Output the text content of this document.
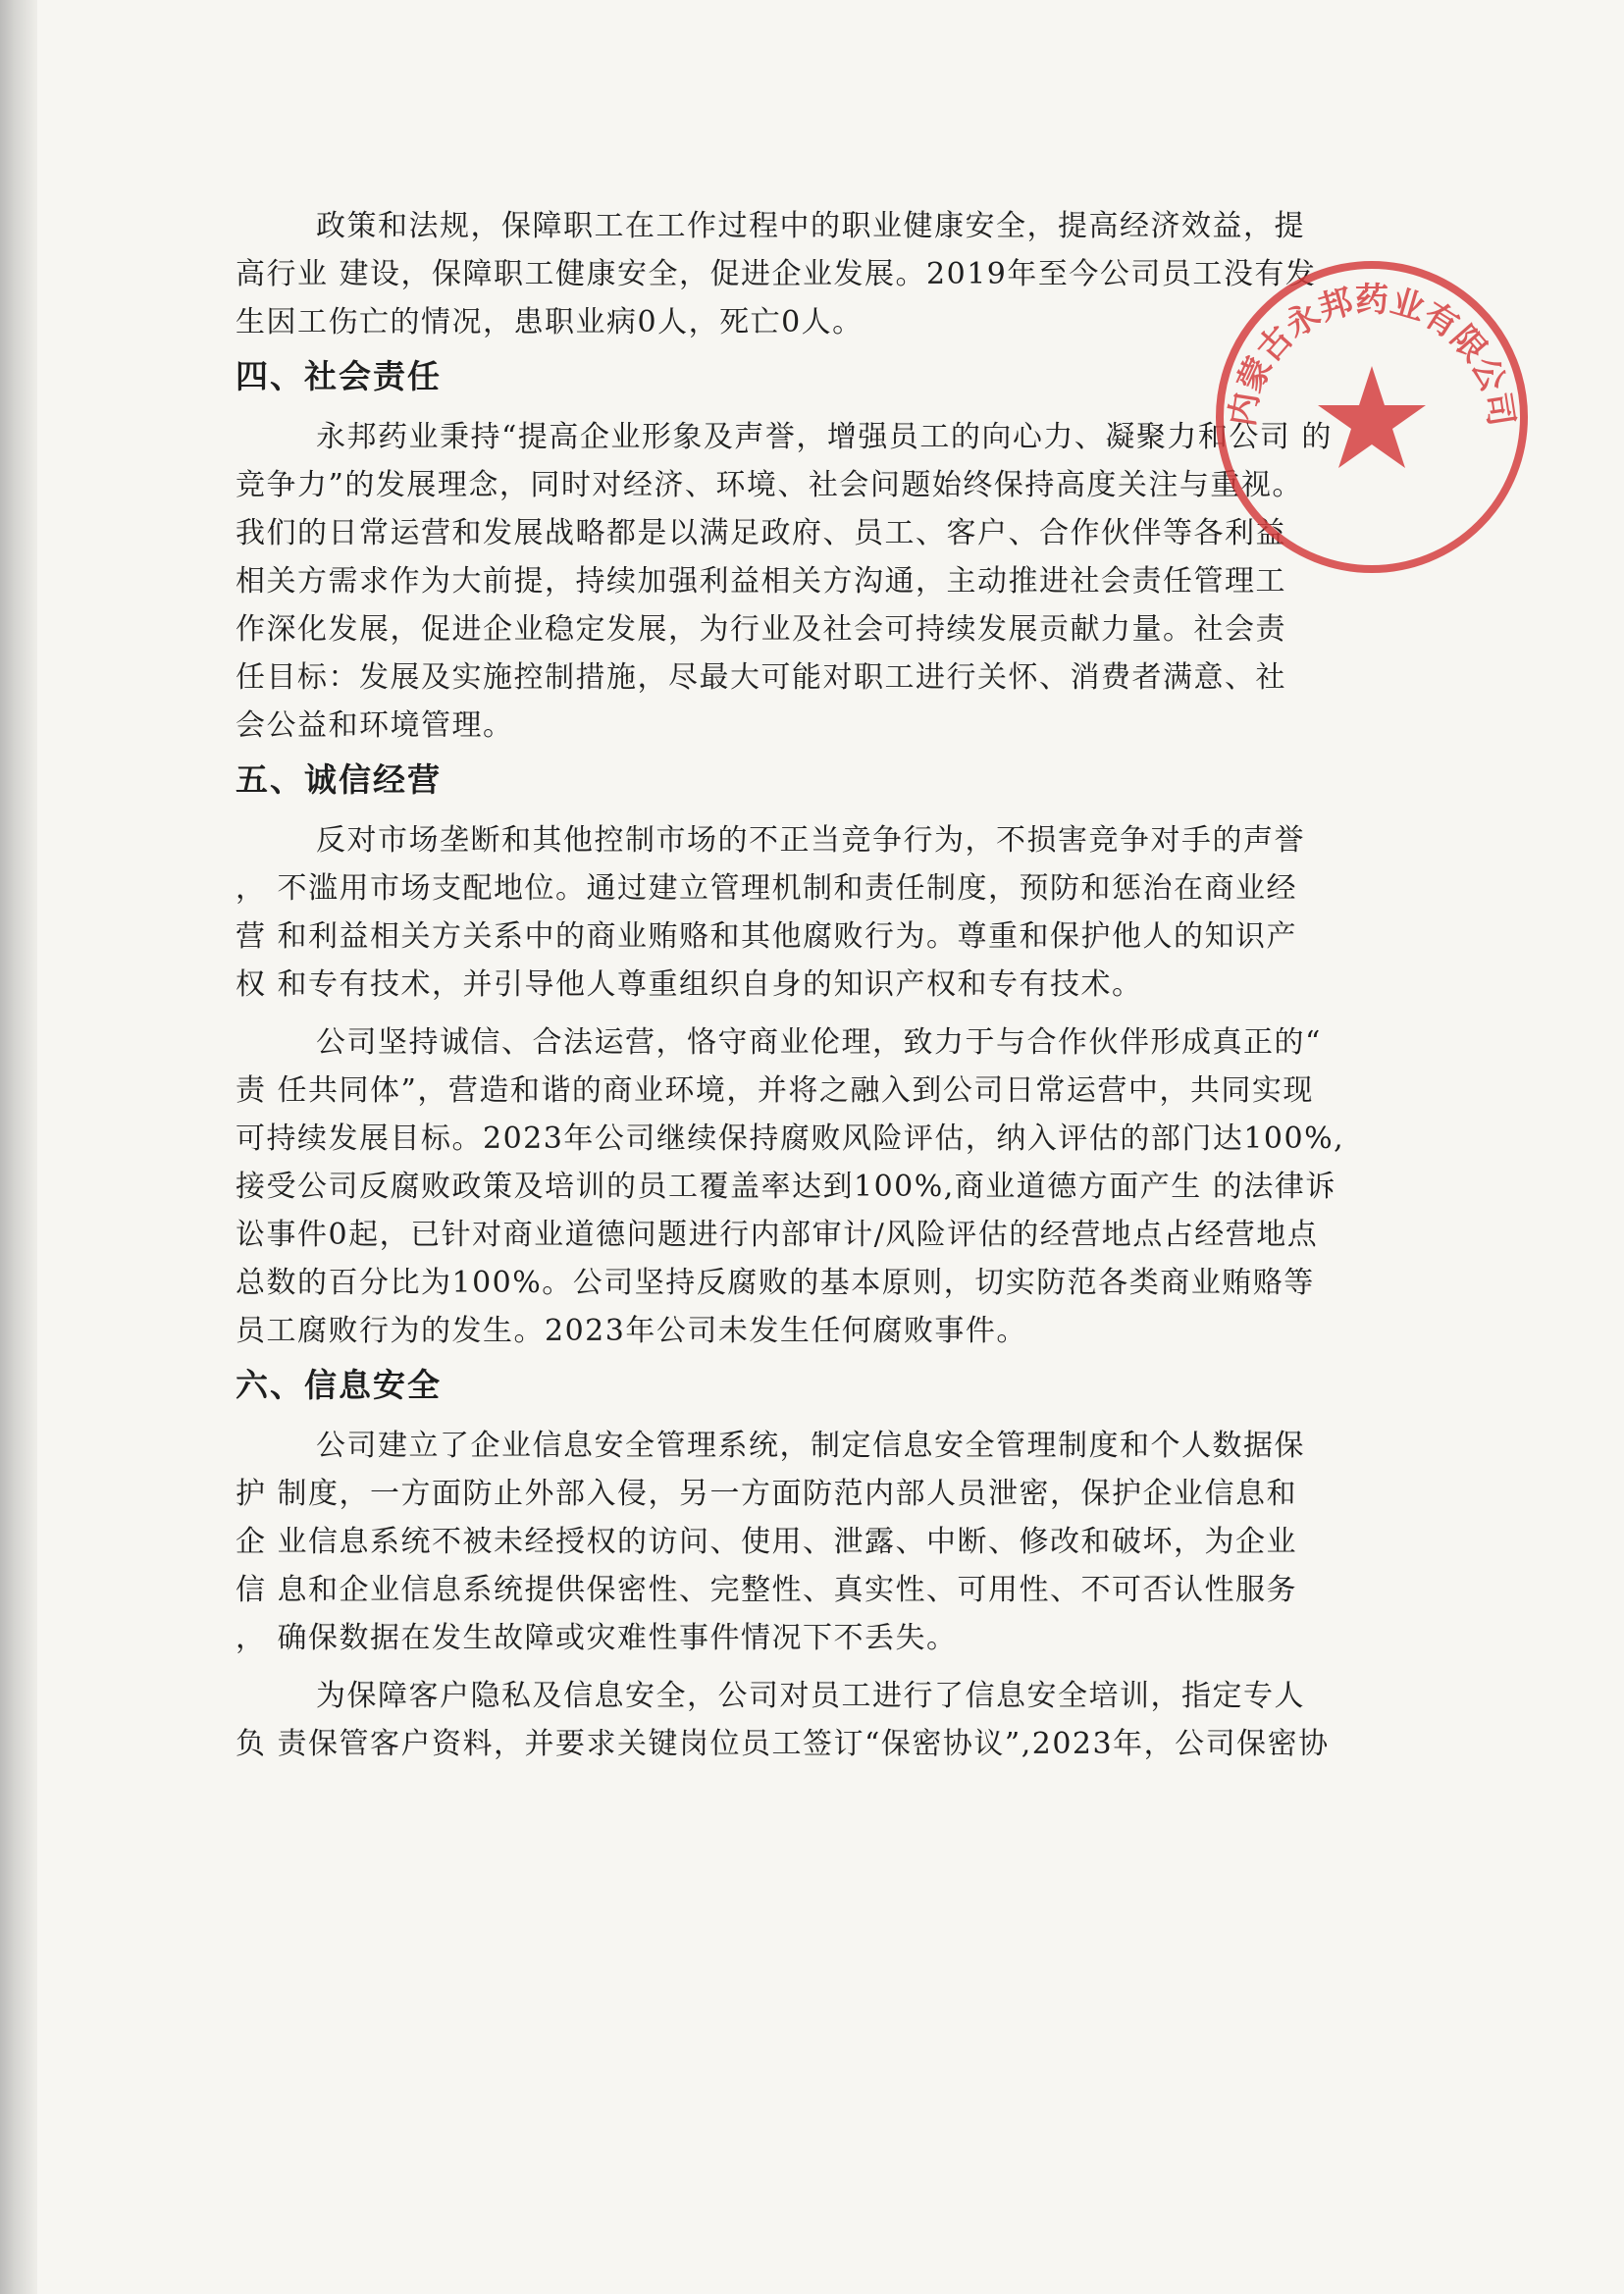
政策和法规，保障职工在工作过程中的职业健康安全，提高经济效益，提

高行业 建设，保障职工健康安全，促进企业发展。2019年至今公司员工没有发

生因工伤亡的情况，患职业病0人，死亡0人。

四、社会责任

永邦药业秉持“提高企业形象及声誉，增强员工的向心力、凝聚力和公司 的

竞争力”的发展理念，同时对经济、环境、社会问题始终保持高度关注与重视。

我们的日常运营和发展战略都是以满足政府、员工、客户、合作伙伴等各利益

相关方需求作为大前提，持续加强利益相关方沟通，主动推进社会责任管理工

作深化发展，促进企业稳定发展，为行业及社会可持续发展贡献力量。社会责

任目标：发展及实施控制措施，尽最大可能对职工进行关怀、消费者满意、社

会公益和环境管理。

五、诚信经营

反对市场垄断和其他控制市场的不正当竞争行为，不损害竞争对手的声誉

， 不滥用市场支配地位。通过建立管理机制和责任制度，预防和惩治在商业经

营 和利益相关方关系中的商业贿赂和其他腐败行为。尊重和保护他人的知识产

权 和专有技术，并引导他人尊重组织自身的知识产权和专有技术。

公司坚持诚信、合法运营，恪守商业伦理，致力于与合作伙伴形成真正的“

责 任共同体”，营造和谐的商业环境，并将之融入到公司日常运营中，共同实现

可持续发展目标。2023年公司继续保持腐败风险评估，纳入评估的部门达100%,

接受公司反腐败政策及培训的员工覆盖率达到100%,商业道德方面产生 的法律诉

讼事件0起，已针对商业道德问题进行内部审计/风险评估的经营地点占经营地点

总数的百分比为100%。公司坚持反腐败的基本原则，切实防范各类商业贿赂等

员工腐败行为的发生。2023年公司未发生任何腐败事件。

六、信息安全

公司建立了企业信息安全管理系统，制定信息安全管理制度和个人数据保

护 制度，一方面防止外部入侵，另一方面防范内部人员泄密，保护企业信息和

企 业信息系统不被未经授权的访问、使用、泄露、中断、修改和破坏，为企业

信 息和企业信息系统提供保密性、完整性、真实性、可用性、不可否认性服务

， 确保数据在发生故障或灾难性事件情况下不丢失。

为保障客户隐私及信息安全，公司对员工进行了信息安全培训，指定专人

负 责保管客户资料，并要求关键岗位员工签订“保密协议”,2023年，公司保密协

内蒙古永邦药业有限公司
